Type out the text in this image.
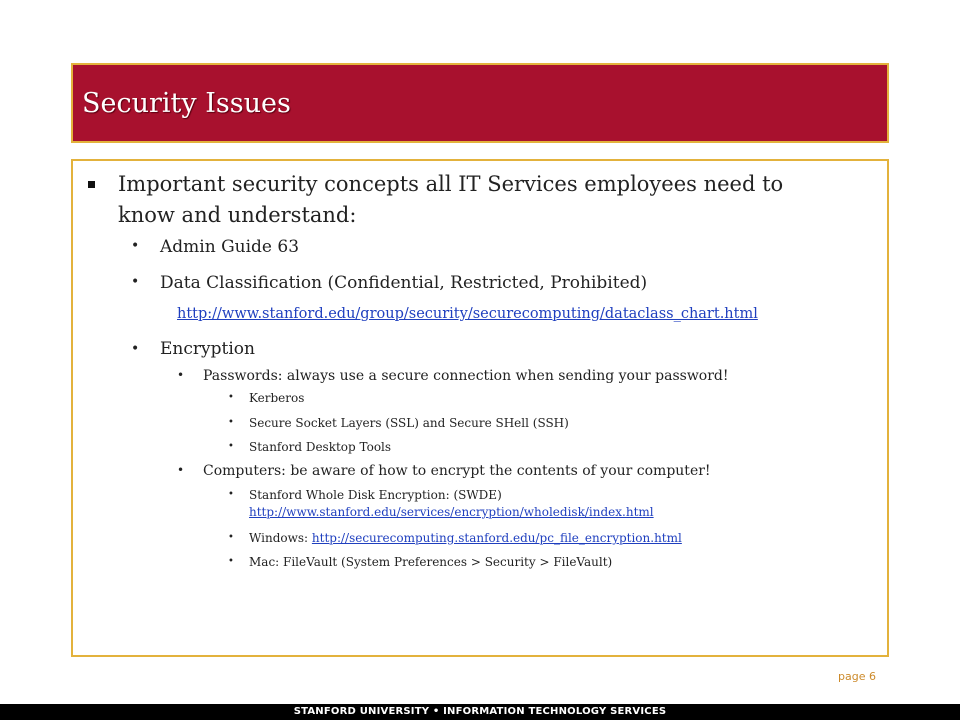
Security Issues
Important security concepts all IT Services employees need to
know and understand:
• Admin Guide 63
• Data Classification (Confidential, Restricted, Prohibited)
http://www.stanford.edu/group/security/securecomputing/dataclass_chart.html
• Encryption
• Passwords: always use a secure connection when sending your password!
• Kerberos
• Secure Socket Layers (SSL) and Secure SHell (SSH)
• Stanford Desktop Tools
• Computers: be aware of how to encrypt the contents of your computer!
• Stanford Whole Disk Encryption: (SWDE)
http://www.stanford.edu/services/encryption/wholedisk/index.html
• Windows: http://securecomputing.stanford.edu/pc_file_encryption.html
• Mac: FileVault (System Preferences > Security > FileVault)
page 6
STANFORD UNIVERSITY • INFORMATION TECHNOLOGY SERVICES
